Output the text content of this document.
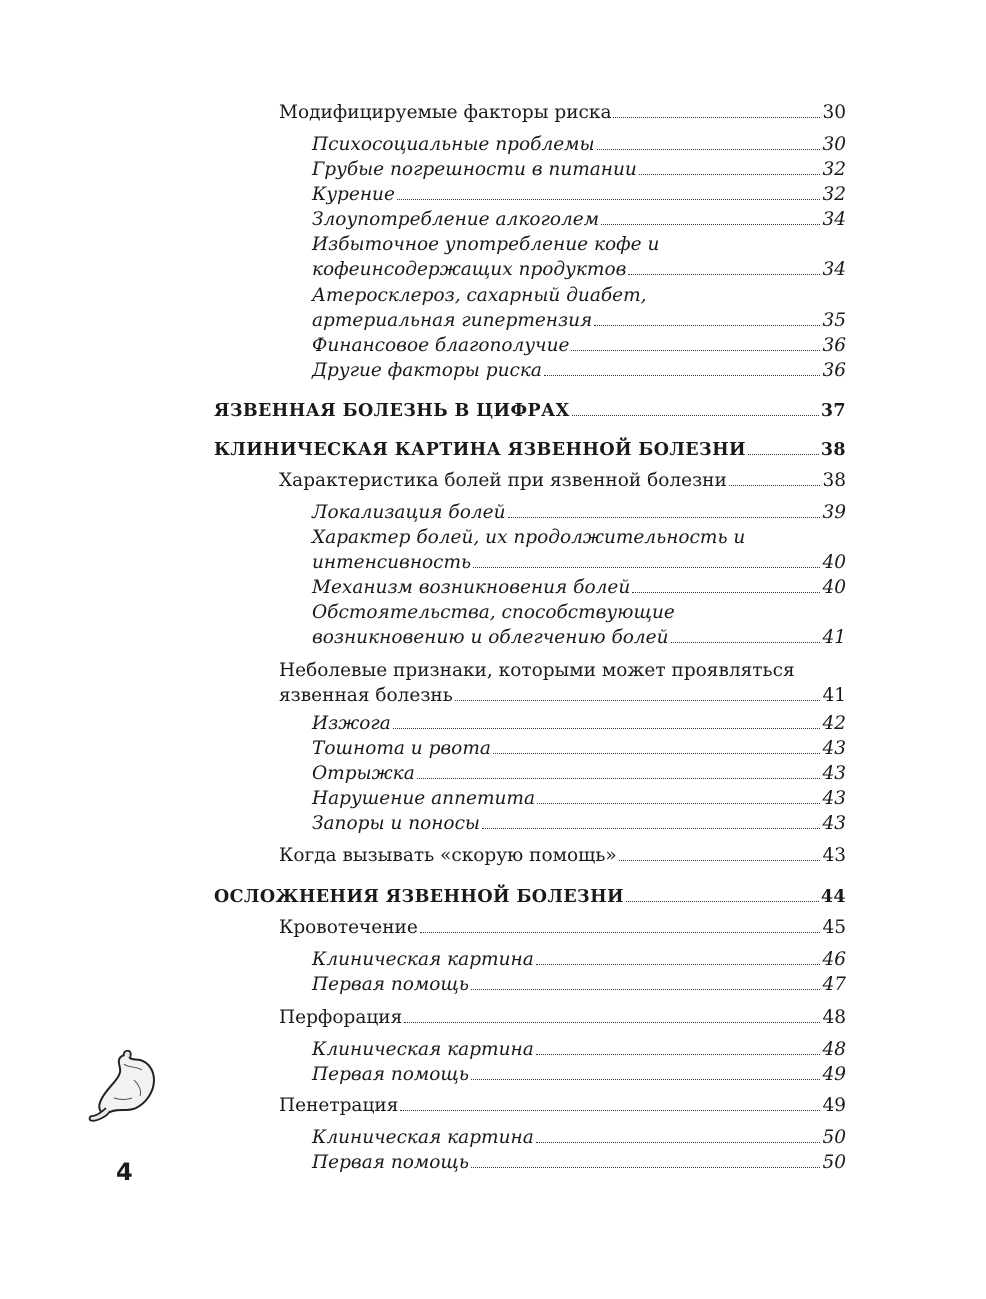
Модифицируемые факторы риска	30
Психосоциальные проблемы	30
Грубые погрешности в питании	32
Курение	32
Злоупотребление алкоголем	34
Избыточное употребление кофе и
кофеинсодержащих продуктов	34
Атеросклероз, сахарный диабет,
артериальная гипертензия	35
Финансовое благополучие	36
Другие факторы риска	36
ЯЗВЕННАЯ БОЛЕЗНЬ В ЦИФРАХ	37
КЛИНИЧЕСКАЯ КАРТИНА ЯЗВЕННОЙ БОЛЕЗНИ	38
Характеристика болей при язвенной болезни	38
Локализация болей	39
Характер болей, их продолжительность и
интенсивность	40
Механизм возникновения болей	40
Обстоятельства, способствующие
возникновению и облегчению болей	41
Неболевые признаки, которыми может проявляться
язвенная болезнь	41
Изжога	42
Тошнота и рвота	43
Отрыжка	43
Нарушение аппетита	43
Запоры и поносы	43
Когда вызывать «скорую помощь»	43
ОСЛОЖНЕНИЯ ЯЗВЕННОЙ БОЛЕЗНИ	44
Кровотечение	45
Клиническая картина	46
Первая помощь	47
Перфорация	48
Клиническая картина	48
Первая помощь	49
Пенетрация	49
Клиническая картина	50
Первая помощь	50
4
